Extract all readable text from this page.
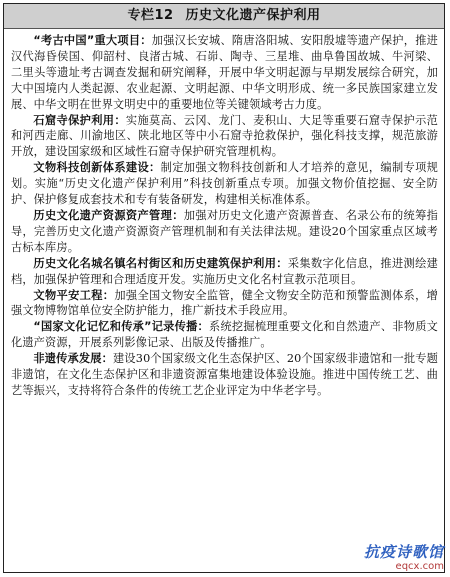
专栏12 历史文化遗产保护利用

“考古中国”重大项目：加强汉长安城、隋唐洛阳城、安阳殷墟等遗产保护，推进汉代海昏侯国、仰韶村、良渚古城、石峁、陶寺、三星堆、曲阜鲁国故城、牛河梁、二里头等遗址考古调查发掘和研究阐释，开展中华文明起源与早期发展综合研究，加大中国境内人类起源、农业起源、文明起源、中华文明形成、统一多民族国家建立发展、中华文明在世界文明史中的重要地位等关键领域考古力度。

石窟寺保护利用：实施莫高、云冈、龙门、麦积山、大足等重要石窟寺保护示范和河西走廊、川渝地区、陕北地区等中小石窟寺抢救保护，强化科技支撑，规范旅游开放，建设国家级和区域性石窟寺保护研究管理机构。

文物科技创新体系建设：制定加强文物科技创新和人才培养的意见，编制专项规划。实施“历史文化遗产保护利用”科技创新重点专项。加强文物价值挖掘、安全防护、保护修复成套技术和专有装备研发，构建相关标准体系。

历史文化遗产资源资产管理：加强对历史文化遗产资源普查、名录公布的统筹指导，完善历史文化遗产资源资产管理机制和有关法律法规。建设20个国家重点区域考古标本库房。

历史文化名城名镇名村街区和历史建筑保护利用：采集数字化信息，推进测绘建档，加强保护管理和合理适度开发。实施历史文化名村宣教示范项目。

文物平安工程：加强全国文物安全监管，健全文物安全防范和预警监测体系，增强文物博物馆单位安全防护能力，推广新技术手段应用。

“国家文化记忆和传承”记录传播：系统挖掘梳理重要文化和自然遗产、非物质文化遗产资源，开展系列影像记录、出版及传播推广。

非遗传承发展：建设30个国家级文化生态保护区、20个国家级非遗馆和一批专题非遗馆，在文化生态保护区和非遗资源富集地建设体验设施。推进中国传统工艺、曲艺等振兴，支持将符合条件的传统工艺企业评定为中华老字号。

抗疫诗歌馆
eqcx.com
